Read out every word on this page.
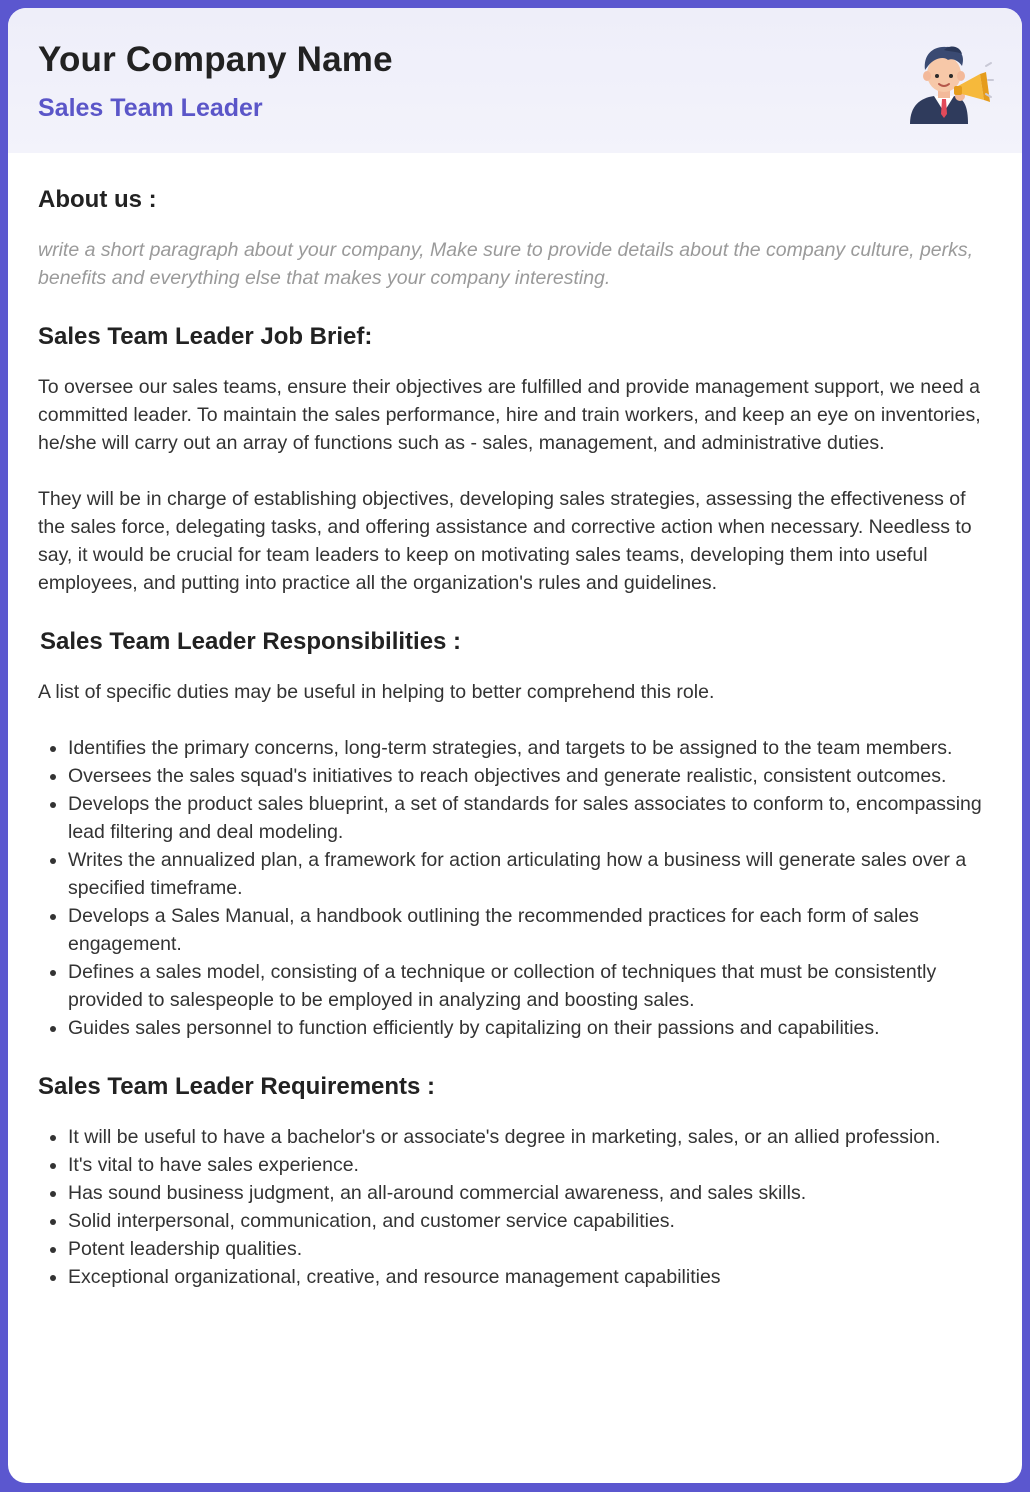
Your Company Name
Sales Team Leader
About us :

write a short paragraph about your company, Make sure to provide details about the company culture, perks, benefits and everything else that makes your company interesting.

Sales Team Leader Job Brief:

To oversee our sales teams, ensure their objectives are fulfilled and provide management support, we need a committed leader. To maintain the sales performance, hire and train workers, and keep an eye on inventories, he/she will carry out an array of functions such as - sales, management, and administrative duties.

They will be in charge of establishing objectives, developing sales strategies, assessing the effectiveness of the sales force, delegating tasks, and offering assistance and corrective action when necessary. Needless to say, it would be crucial for team leaders to keep on motivating sales teams, developing them into useful employees, and putting into practice all the organization's rules and guidelines.

Sales Team Leader Responsibilities :

A list of specific duties may be useful in helping to better comprehend this role.

• Identifies the primary concerns, long-term strategies, and targets to be assigned to the team members.
• Oversees the sales squad's initiatives to reach objectives and generate realistic, consistent outcomes.
• Develops the product sales blueprint, a set of standards for sales associates to conform to, encompassing lead filtering and deal modeling.
• Writes the annualized plan, a framework for action articulating how a business will generate sales over a specified timeframe.
• Develops a Sales Manual, a handbook outlining the recommended practices for each form of sales engagement.
• Defines a sales model, consisting of a technique or collection of techniques that must be consistently provided to salespeople to be employed in analyzing and boosting sales.
• Guides sales personnel to function efficiently by capitalizing on their passions and capabilities.
Sales Team Leader Requirements :
• It will be useful to have a bachelor's or associate's degree in marketing, sales, or an allied profession.
• It's vital to have sales experience.
• Has sound business judgment, an all-around commercial awareness, and sales skills.
• Solid interpersonal, communication, and customer service capabilities.
• Potent leadership qualities.
• Exceptional organizational, creative, and resource management capabilities
